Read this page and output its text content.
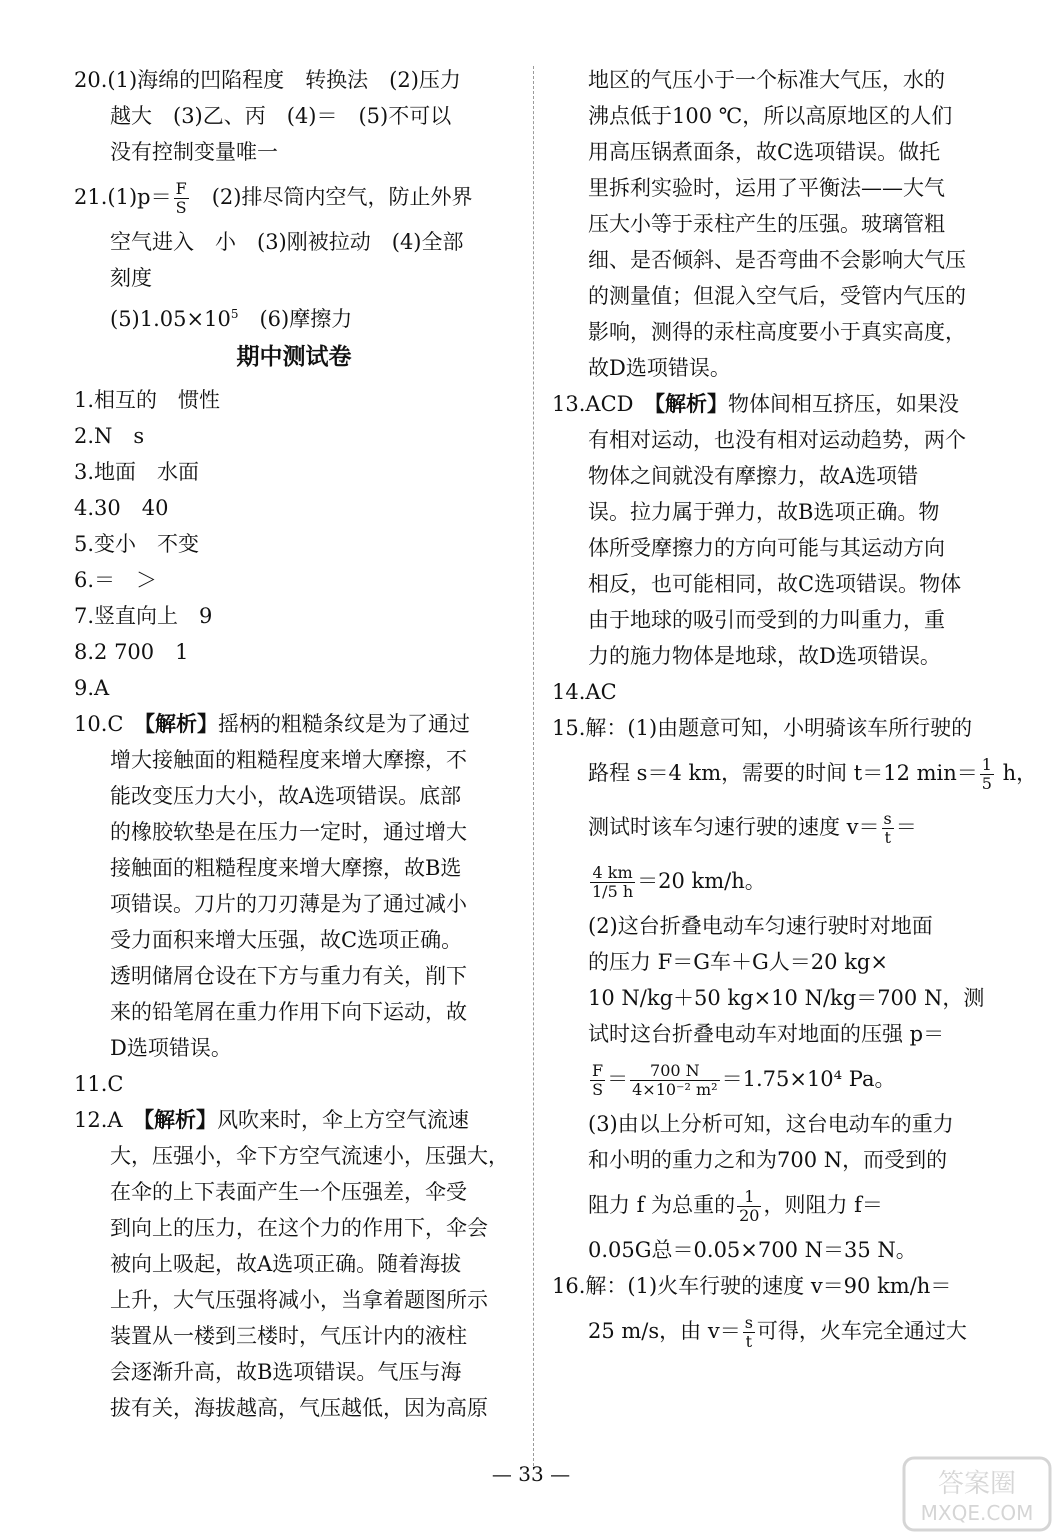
20.(1)海绵的凹陷程度　转换法　(2)压力
越大　(3)乙、丙　(4)＝　(5)不可以
没有控制变量唯一
$21.(1)p= \frac{F}{S}$ 　(2)排尽筒内空气，防止外界
空气进入　小　(3)刚被拉动　(4)全部
刻度
$(5)1.05\times 10^5$　(6)摩擦力
期中测试卷
1.相互的　惯性
2.N　s
3.地面　水面
4.30　40
5.变小　不变
6.＝　＞
7.竖直向上　9
8.2 700　1
9.A
10.C　【解析】摇柄的粗糙条纹是为了通过
增大接触面的粗糙程度来增大摩擦，不
能改变压力大小，故A选项错误。底部
的橡胶软垫是在压力一定时，通过增大
接触面的粗糙程度来增大摩擦，故B选
项错误。刀片的刀刃薄是为了通过减小
受力面积来增大压强，故C选项正确。
透明储屑仓设在下方与重力有关，削下
来的铅笔屑在重力作用下向下运动，故
D选项错误。
11.C
12.A　【解析】风吹来时，伞上方空气流速
大，压强小，伞下方空气流速小，压强大，
在伞的上下表面产生一个压强差，伞受
到向上的压力，在这个力的作用下，伞会
被向上吸起，故A选项正确。随着海拔
上升，大气压强将减小，当拿着题图所示
装置从一楼到三楼时，气压计内的液柱
会逐渐升高，故B选项错误。气压与海
拔有关，海拔越高，气压越低，因为高原
地区的气压小于一个标准大气压，水的
沸点低于100 ℃，所以高原地区的人们
用高压锅煮面条，故C选项错误。做托
里拆利实验时，运用了平衡法——大气
压大小等于汞柱产生的压强。玻璃管粗
细、是否倾斜、是否弯曲不会影响大气压
的测量值；但混入空气后，受管内气压的
影响，测得的汞柱高度要小于真实高度，
故D选项错误。
13.ACD　【解析】物体间相互挤压，如果没
有相对运动，也没有相对运动趋势，两个
物体之间就没有摩擦力，故A选项错
误。拉力属于弹力，故B选项正确。物
体所受摩擦力的方向可能与其运动方向
相反，也可能相同，故C选项错误。物体
由于地球的吸引而受到的力叫重力，重
力的施力物体是地球，故D选项错误。
14.AC
15.解：(1)由题意可知，小明骑该车所行驶的
路程 s＝4 km，需要的时间 t＝12 $\min= \frac{1}{5}$ h，
测试时该车匀速行驶的速度 $v= \frac{s}{t}$ ＝
$\frac{4 km}{1/5 h} =20$ km/h。
(2)这台折叠电动车匀速行驶时对地面
的压力 F＝G车＋G人＝20 kg×
10 N/kg＋50 kg×10 N/kg＝700 N，测
试时这台折叠电动车对地面的压强 p＝
$\frac{F}{S} = \frac{700 N}{\text{4×10⁻² m²}} =1.75\times 10^4$ Pa。
(3)由以上分析可知，这台电动车的重力
和小明的重力之和为700 N，而受到的
阻力 f 为总重的 $\frac{1}{20}$ ，则阻力 f＝
0.05G总＝0.05×700 N＝35 N。
16.解：(1)火车行驶的速度 v＝90 km/h＝
25 m/s，由 $v= \frac{s}{t}$ 可得，火车完全通过大
— 33 —	答案圈
MXQE.COM
